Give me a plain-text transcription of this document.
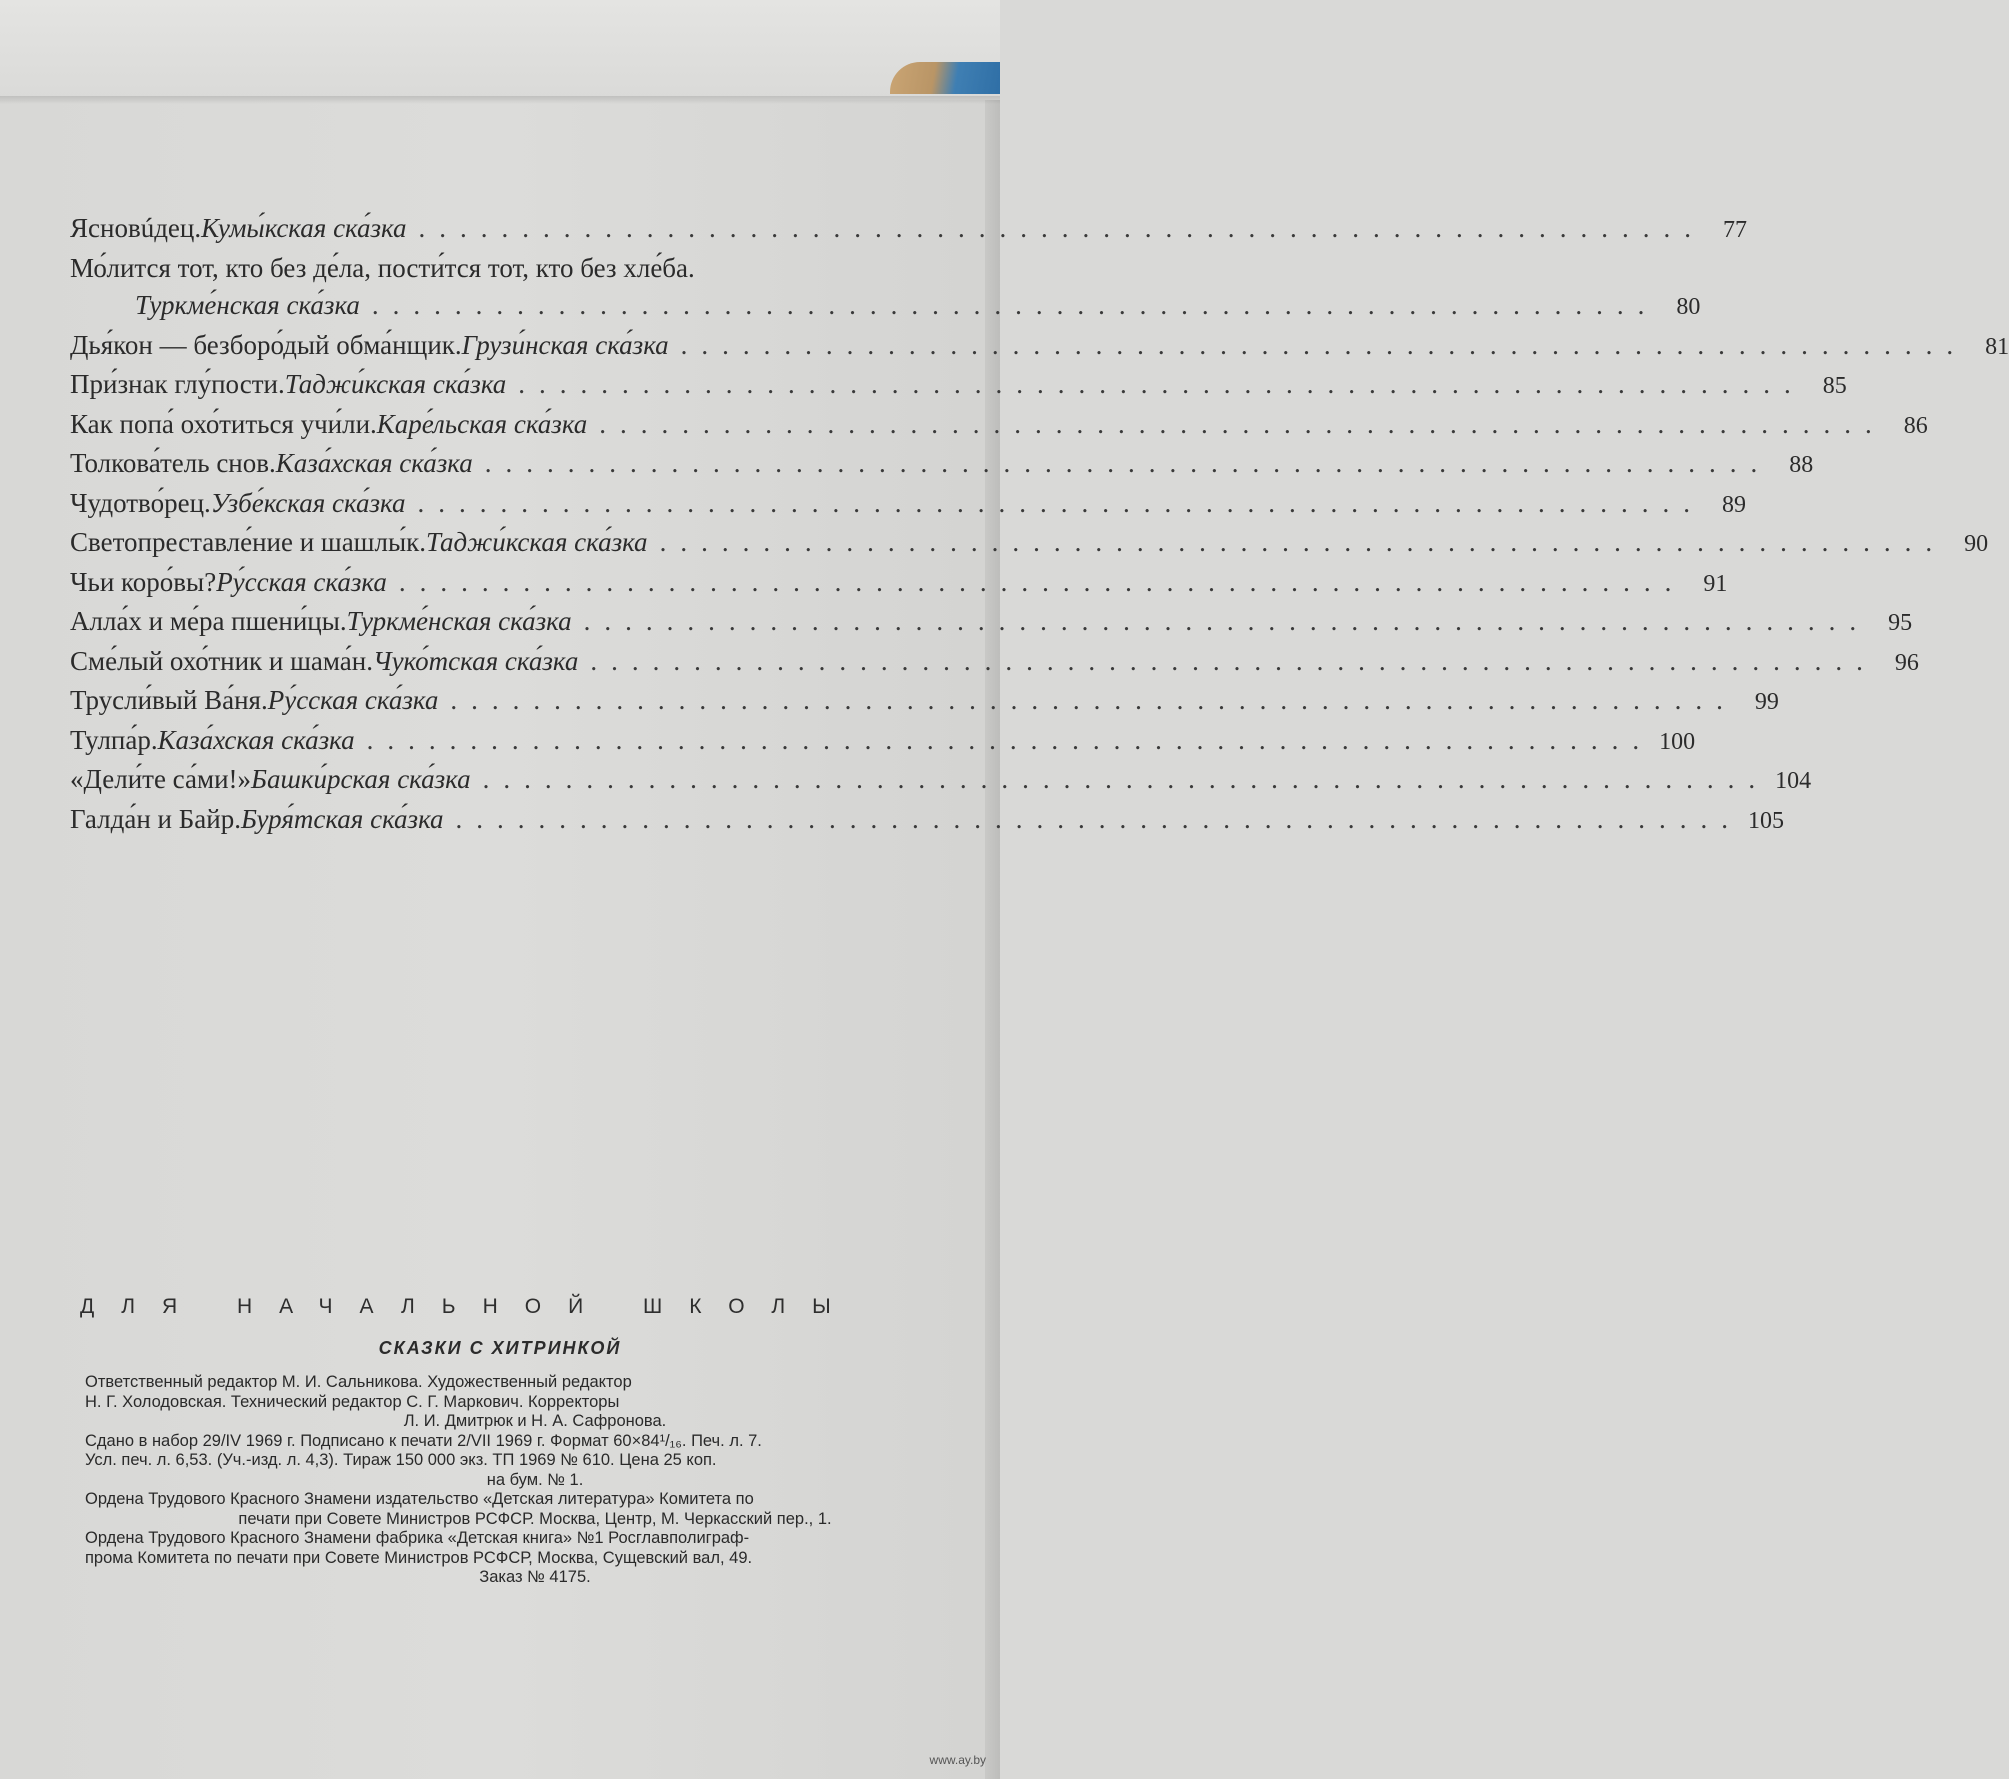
Ясновúдец. Кумы́кская ска́зка .............................................................. 77
Мо́лится тот, кто без де́ла, пости́тся тот, кто без хле́ба.
Туркме́нская ска́зка .............................................................. 80
Дья́кон — безборо́дый обма́нщик. Грузи́нская ска́зка .............................................................. 81
При́знак глу́пости. Таджи́кская ска́зка .............................................................. 85
Как попа́ охо́титься учи́ли. Каре́льская ска́зка .............................................................. 86
Толкова́тель снов. Каза́хская ска́зка .............................................................. 88
Чудотво́рец. Узбе́кская ска́зка .............................................................. 89
Светопреставле́ние и шашлы́к. Таджи́кская ска́зка .............................................................. 90
Чьи коро́вы? Ру́сская ска́зка .............................................................. 91
Алла́х и ме́ра пшени́цы. Туркме́нская ска́зка .............................................................. 95
Сме́лый охо́тник и шама́н. Чуко́тская ска́зка .............................................................. 96
Трусли́вый Ва́ня. Ру́сская ска́зка .............................................................. 99
Тулпа́р. Каза́хская ска́зка .............................................................. 100
«Дели́те са́ми!» Башки́рская ска́зка .............................................................. 104
Галда́н и Байр. Буря́тская ска́зка .............................................................. 105
ДЛЯ НАЧАЛЬНОЙ ШКОЛЫ
СКАЗКИ С ХИТРИНКОЙ
Ответственный редактор М. И. Сальникова. Художественный редактор
Н. Г. Холодовская. Технический редактор С. Г. Маркович. Корректоры
Л. И. Дмитрюк и Н. А. Сафронова.
Сдано в набор 29/IV 1969 г. Подписано к печати 2/VII 1969 г. Формат 60×84¹/₁₆. Печ. л. 7.
Усл. печ. л. 6,53. (Уч.-изд. л. 4,3). Тираж 150 000 экз. ТП 1969 № 610. Цена 25 коп.
на бум. № 1.
Ордена Трудового Красного Знамени издательство «Детская литература» Комитета по
печати при Совете Министров РСФСР. Москва, Центр, М. Черкасский пер., 1.
Ордена Трудового Красного Знамени фабрика «Детская книга» №1 Росглавполиграф-
прома Комитета по печати при Совете Министров РСФСР, Москва, Сущевский вал, 49.
Заказ № 4175.
www.ay.by
